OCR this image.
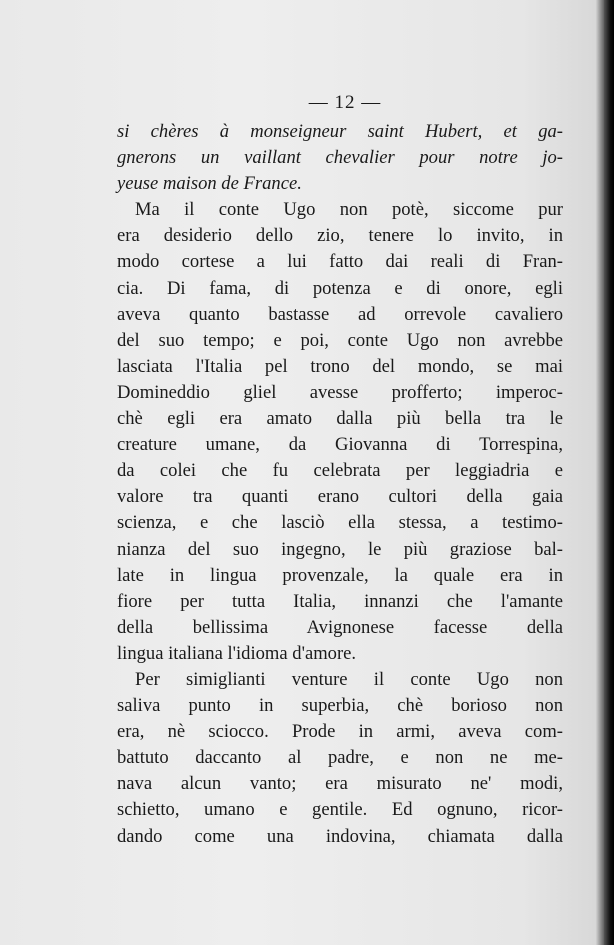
— 12 —
si chères à monseigneur saint Hubert, et ga-
gnerons un vaillant chevalier pour notre jo-
yeuse maison de France.
Ma il conte Ugo non potè, siccome pur
era desiderio dello zio, tenere lo invito, in
modo cortese a lui fatto dai reali di Fran-
cia. Di fama, di potenza e di onore, egli
aveva quanto bastasse ad orrevole cavaliero
del suo tempo; e poi, conte Ugo non avrebbe
lasciata l'Italia pel trono del mondo, se mai
Domineddio gliel avesse profferto; imperoc-
chè egli era amato dalla più bella tra le
creature umane, da Giovanna di Torrespina,
da colei che fu celebrata per leggiadria e
valore tra quanti erano cultori della gaia
scienza, e che lasciò ella stessa, a testimo-
nianza del suo ingegno, le più graziose bal-
late in lingua provenzale, la quale era in
fiore per tutta Italia, innanzi che l'amante
della bellissima Avignonese facesse della
lingua italiana l'idioma d'amore.
Per simiglianti venture il conte Ugo non
saliva punto in superbia, chè borioso non
era, nè sciocco. Prode in armi, aveva com-
battuto daccanto al padre, e non ne me-
nava alcun vanto; era misurato ne' modi,
schietto, umano e gentile. Ed ognuno, ricor-
dando come una indovina, chiamata dalla
